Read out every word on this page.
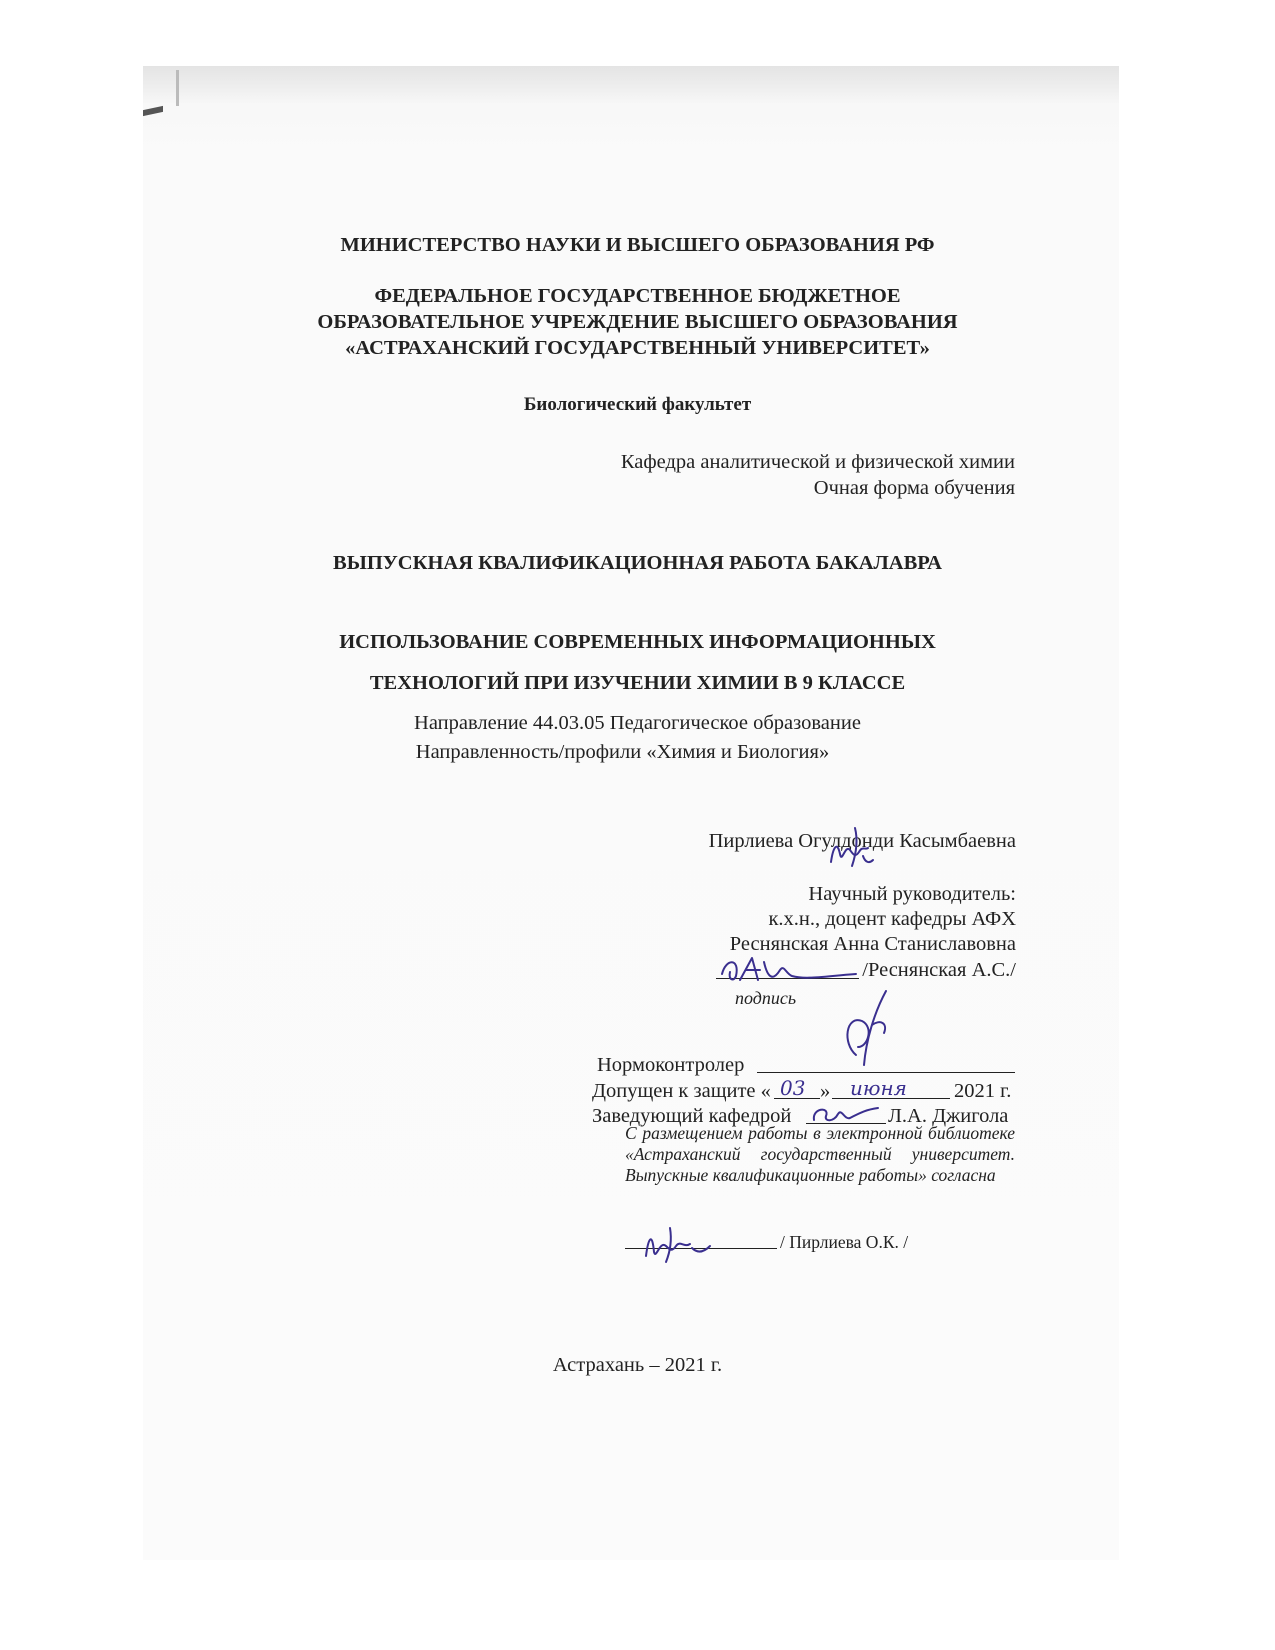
МИНИСТЕРСТВО НАУКИ И ВЫСШЕГО ОБРАЗОВАНИЯ РФ
ФЕДЕРАЛЬНОЕ ГОСУДАРСТВЕННОЕ БЮДЖЕТНОЕ
ОБРАЗОВАТЕЛЬНОЕ УЧРЕЖДЕНИЕ ВЫСШЕГО ОБРАЗОВАНИЯ
«АСТРАХАНСКИЙ ГОСУДАРСТВЕННЫЙ УНИВЕРСИТЕТ»
Биологический факультет
Кафедра аналитической и физической химии
Очная форма обучения
ВЫПУСКНАЯ КВАЛИФИКАЦИОННАЯ РАБОТА БАКАЛАВРА
ИСПОЛЬЗОВАНИЕ СОВРЕМЕННЫХ ИНФОРМАЦИОННЫХ
ТЕХНОЛОГИЙ ПРИ ИЗУЧЕНИИ ХИМИИ В 9 КЛАССЕ
Направление 44.03.05 Педагогическое образование
Направленность/профили «Химия и Биология»
Пирлиева Огулдонди Касымбаевна
Научный руководитель:
к.х.н., доцент кафедры АФХ
Реснянская Анна Станиславовна
/Реснянская А.С./
подпись
Нормоконтролер
Допущен к защите « 03 » июня 2021 г.
Заведующий кафедрой	Л.А. Джигола
С размещением работы в электронной библиотеке «Астраханский государственный университет. Выпускные квалификационные работы» согласна
/ Пирлиева О.К. /
Астрахань – 2021 г.
